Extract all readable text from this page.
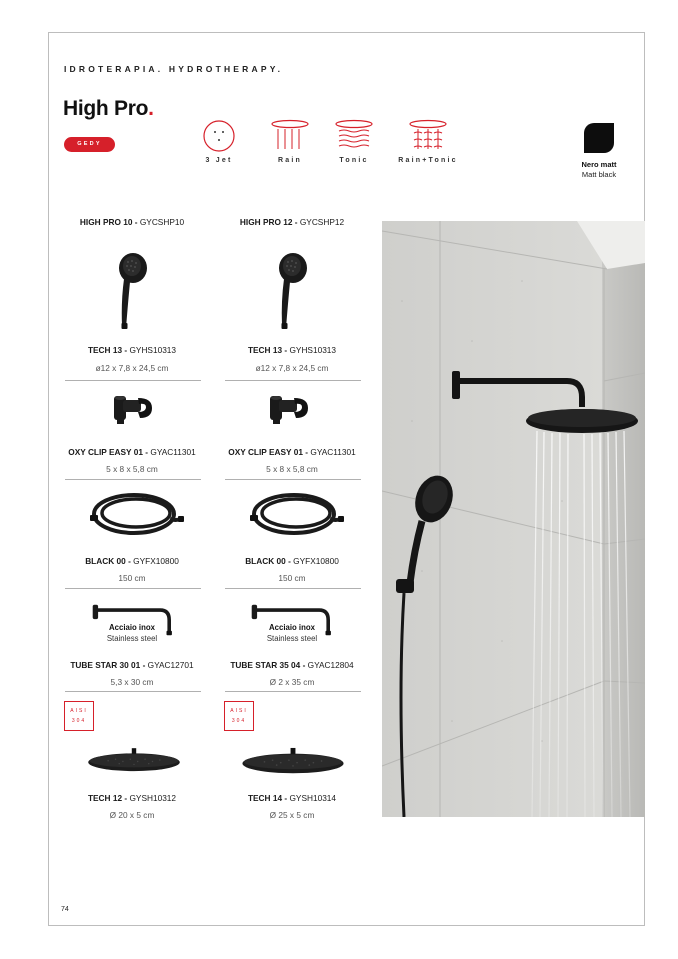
IDROTERAPIA. HYDROTHERAPY.
High Pro.
GEDY
3 Jet	Rain	Tonic	Rain+Tonic	Nero matt
Matt black
HIGH PRO 10 - GYCSHP10
TECH 13 - GYHS10313
ø12 x 7,8 x 24,5 cm
OXY CLIP EASY 01 - GYAC11301
5 x 8 x 5,8 cm
BLACK 00 - GYFX10800
150 cm
Acciaio inox
Stainless steel
TUBE STAR 30 01 - GYAC12701
5,3 x 30 cm
AISI
304
TECH 12 - GYSH10312
Ø 20 x 5 cm
HIGH PRO 12 - GYCSHP12
TECH 13 - GYHS10313
ø12 x 7,8 x 24,5 cm
OXY CLIP EASY 01 - GYAC11301
5 x 8 x 5,8 cm
BLACK 00 - GYFX10800
150 cm
Acciaio inox
Stainless steel
TUBE STAR 35 04 - GYAC12804
Ø 2 x 35 cm
AISI
304
TECH 14 - GYSH10314
Ø 25 x 5 cm
74
